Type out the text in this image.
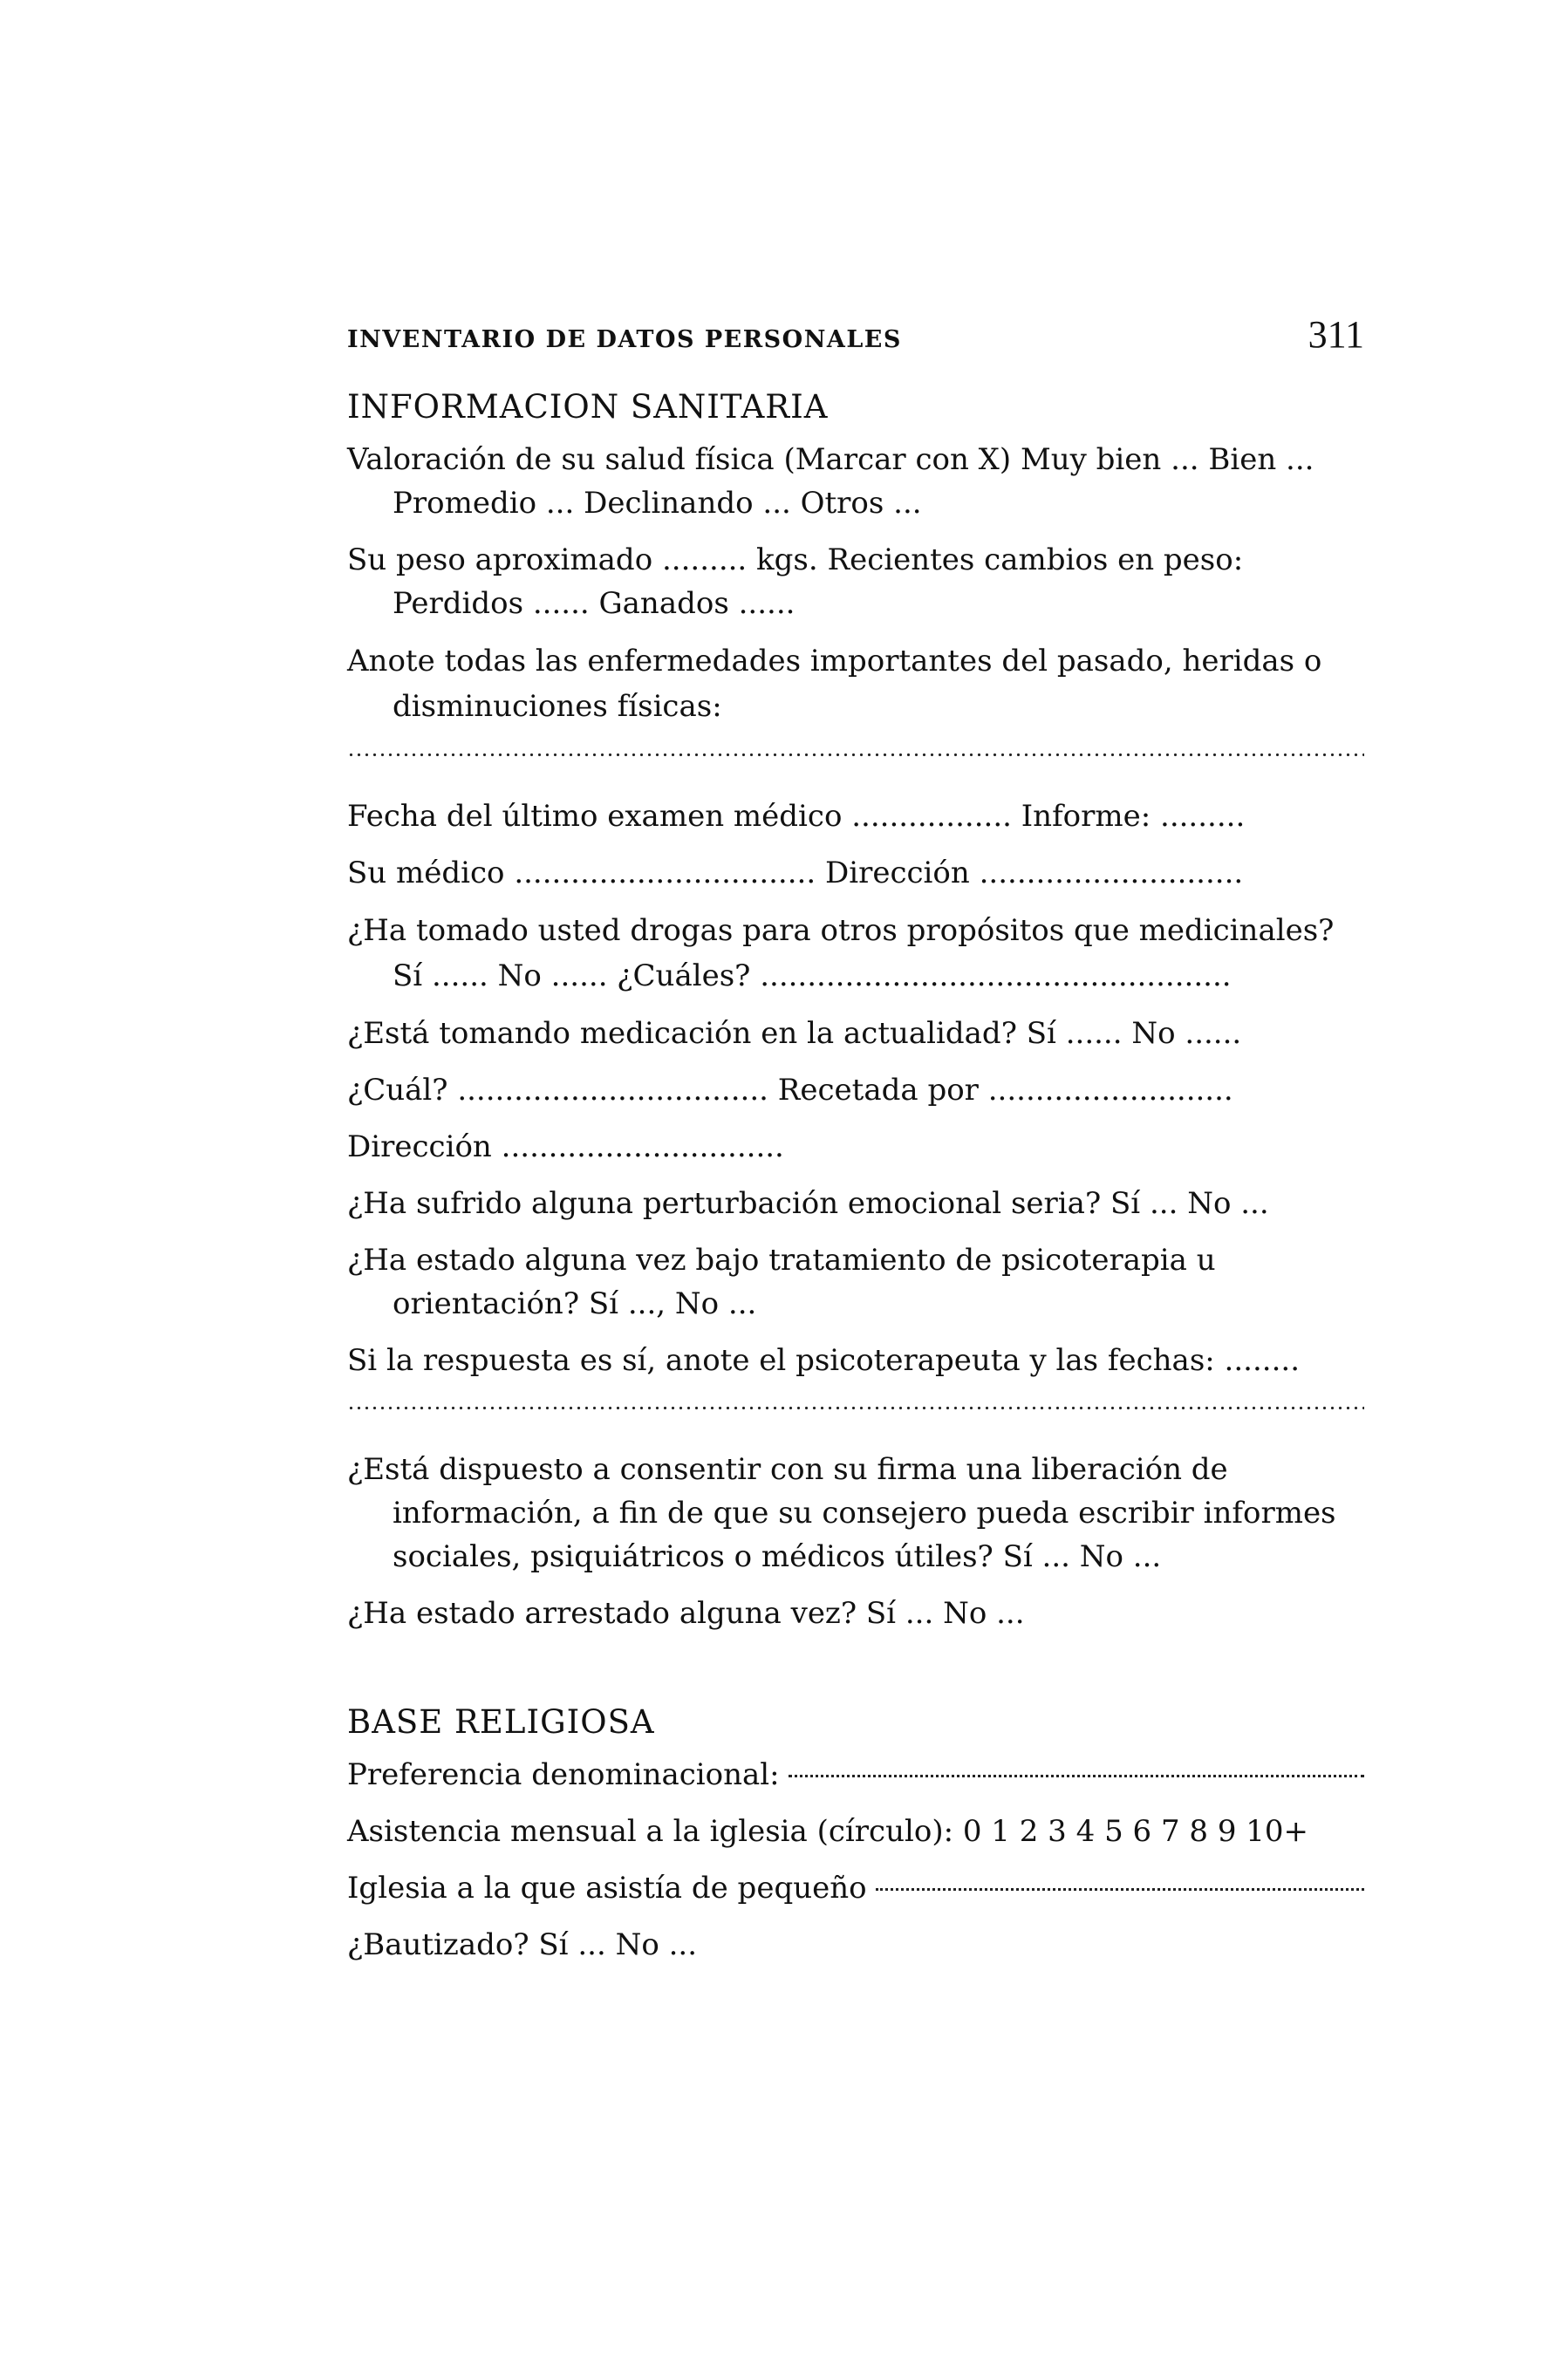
INVENTARIO DE DATOS PERSONALES	311
INFORMACION SANITARIA

Valoración de su salud física (Marcar con X) Muy bien ... Bien ... Promedio ... Declinando ... Otros ...

Su peso aproximado ......... kgs. Recientes cambios en peso: Perdidos ...... Ganados ......

Anote todas las enfermedades importantes del pasado, heridas o disminuciones físicas:

Fecha del último examen médico ................. Informe: .........

Su médico ................................ Dirección ............................

¿Ha tomado usted drogas para otros propósitos que medicinales? Sí ...... No ...... ¿Cuáles? ..................................................

¿Está tomando medicación en la actualidad? Sí ...... No ......

¿Cuál? ................................. Recetada por ..........................

Dirección ..............................

¿Ha sufrido alguna perturbación emocional seria? Sí ... No ...

¿Ha estado alguna vez bajo tratamiento de psicoterapia u orientación? Sí ..., No ...

Si la respuesta es sí, anote el psicoterapeuta y las fechas: ........

¿Está dispuesto a consentir con su firma una liberación de información, a fin de que su consejero pueda escribir informes sociales, psiquiátricos o médicos útiles? Sí ... No ...

¿Ha estado arrestado alguna vez? Sí ... No ...

BASE RELIGIOSA
Preferencia denominacional:

Asistencia mensual a la iglesia (círculo): 0 1 2 3 4 5 6 7 8 9 10+

Iglesia a la que asistía de pequeño

¿Bautizado? Sí ... No ...
